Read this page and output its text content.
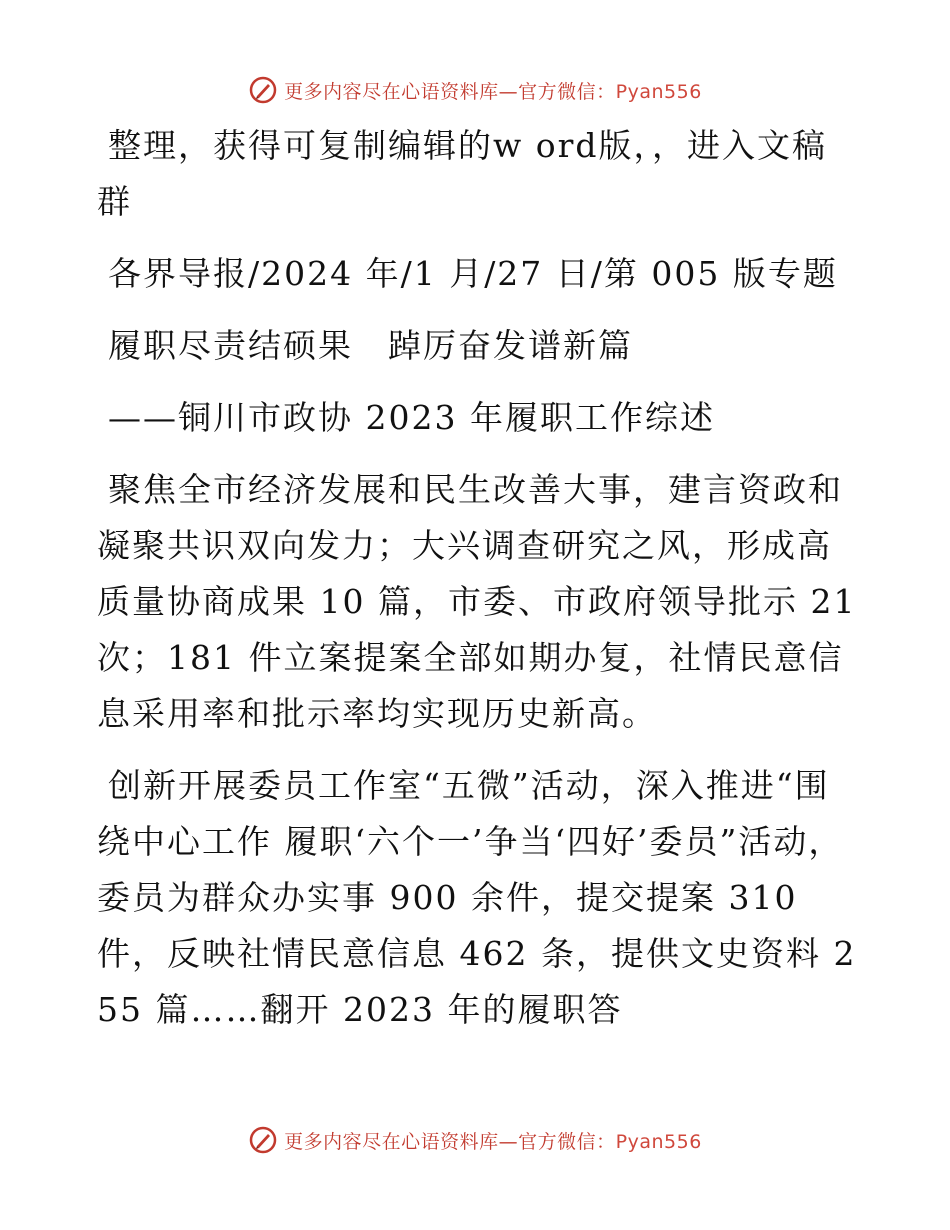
更多内容尽在心语资料库—官方微信：Pyan556

整理，获得可复制编辑的w ord版，，进入文稿群

各界导报/2024 年/1 月/27 日/第 005 版专题

履职尽责结硕果　踔厉奋发谱新篇

——铜川市政协 2023 年履职工作综述

聚焦全市经济发展和民生改善大事，建言资政和凝聚共识双向发力；大兴调查研究之风，形成高质量协商成果 10 篇，市委、市政府领导批示 21 次；181 件立案提案全部如期办复，社情民意信息采用率和批示率均实现历史新高。

创新开展委员工作室“五微”活动，深入推进“围绕中心工作 履职‘六个一’争当‘四好’委员”活动，委员为群众办实事 900 余件，提交提案 310 件，反映社情民意信息 462 条，提供文史资料 255 篇……翻开 2023 年的履职答

更多内容尽在心语资料库—官方微信：Pyan556
